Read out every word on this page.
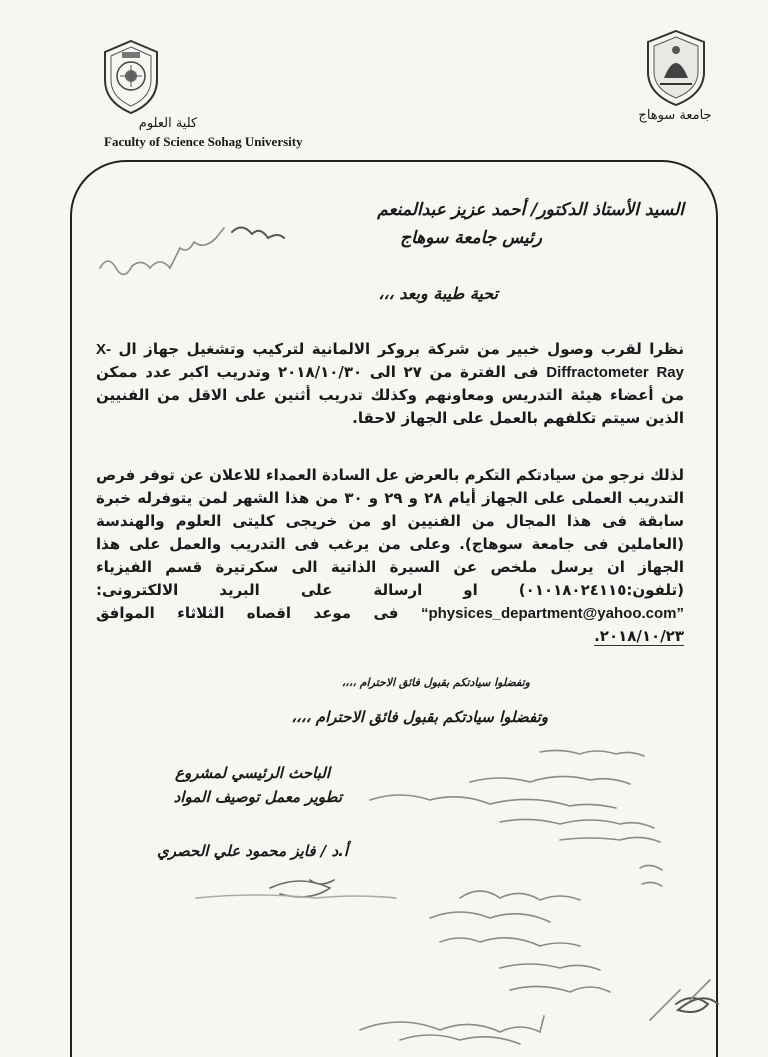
كلية العلوم
Faculty of Science Sohag University
جامعة سوهاج
السيد الأستاذ الدكتور/ أحمد عزيز عبدالمنعم
رئيس جامعة سوهاج
تحية طيبة وبعد ،،،
نظرا لقرب وصول خبير من شركة بروكر الالمانية لتركيب وتشغيل جهاز ال X-Ray Diffractometer فى الفترة من ٢٧ الى ٢٠١٨/١٠/٣٠ وتدريب اكبر عدد ممكن من أعضاء هيئة التدريس ومعاونهم وكذلك تدريب أثنين على الاقل من الفنيين الذين سيتم تكلفهم بالعمل على الجهاز لاحقا.
لذلك نرجو من سيادتكم التكرم بالعرض عل السادة العمداء للاعلان عن توفر فرص التدريب العملى على الجهاز أيام ٢٨ و ٢٩ و ٣٠ من هذا الشهر لمن يتوفرله خبرة سابقة فى هذا المجال من الفنيين او من خريجى كليتى العلوم والهندسة (العاملين فى جامعة سوهاج). وعلى من يرغب فى التدريب والعمل على هذا الجهاز ان يرسل ملخص عن السيرة الذاتية الى سكرتيرة قسم الفيزياء (تلفون:٠١٠١٨٠٢٤١١٥) او ارسالة على البريد الالكترونى: “physices_department@yahoo.com” فى موعد اقصاه الثلاثاء الموافق ٢٠١٨/١٠/٢٣.
وتفضلوا سيادتكم بقبول فائق الاحترام ،،،،
وتفضلوا سيادتكم بقبول فائق الاحترام ،،،،
الباحث الرئيسي لمشروع
تطوير معمل توصيف المواد
أ.د / فايز محمود علي الحصري
